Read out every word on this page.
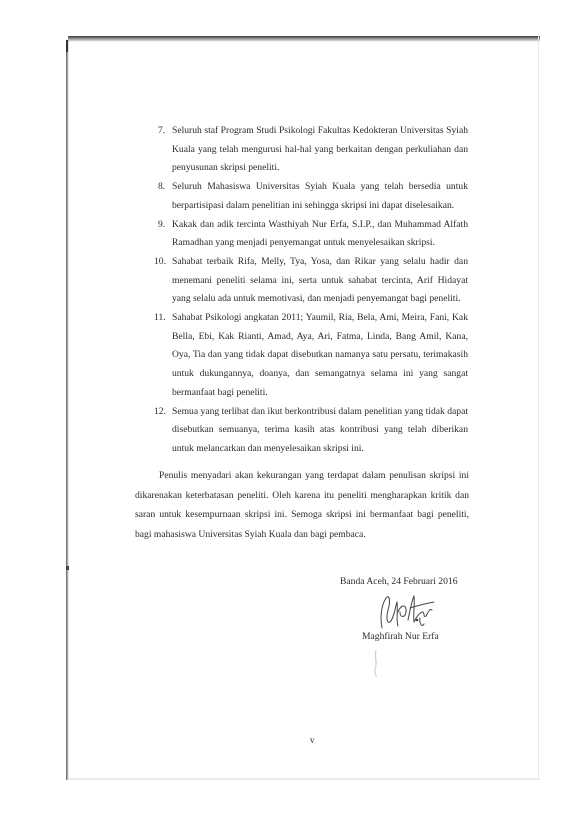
7. Seluruh staf Program Studi Psikologi Fakultas Kedokteran Universitas Syiah Kuala yang telah mengurusi hal-hal yang berkaitan dengan perkuliahan dan penyusunan skripsi peneliti.
8. Seluruh Mahasiswa Universitas Syiah Kuala yang telah bersedia untuk berpartisipasi dalam penelitian ini sehingga skripsi ini dapat diselesaikan.
9. Kakak dan adik tercinta Wasthiyah Nur Erfa, S.I.P., dan Muhammad Alfath Ramadhan yang menjadi penyemangat untuk menyelesaikan skripsi.
10. Sahabat terbaik Rifa, Melly, Tya, Yosa, dan Rikar yang selalu hadir dan menemani peneliti selama ini, serta untuk sahabat tercinta, Arif Hidayat yang selalu ada untuk memotivasi, dan menjadi penyemangat bagi peneliti.
11. Sahabat Psikologi angkatan 2011; Yaumil, Ria, Bela, Ami, Meira, Fani, Kak Bella, Ebi, Kak Rianti, Amad, Aya, Ari, Fatma, Linda, Bang Amil, Kana, Oya, Tia dan yang tidak dapat disebutkan namanya satu persatu, terimakasih untuk dukungannya, doanya, dan semangatnya selama ini yang sangat bermanfaat bagi peneliti.
12. Semua yang terlibat dan ikut berkontribusi dalam penelitian yang tidak dapat disebutkan semuanya, terima kasih atas kontribusi yang telah diberikan untuk melancarkan dan menyelesaikan skripsi ini.

Penulis menyadari akan kekurangan yang terdapat dalam penulisan skripsi ini dikarenakan keterbatasan peneliti. Oleh karena itu peneliti mengharapkan kritik dan saran untuk kesempurnaan skripsi ini. Semoga skripsi ini bermanfaat bagi peneliti, bagi mahasiswa Universitas Syiah Kuala dan bagi pembaca.

Banda Aceh, 24 Februari 2016
Maghfirah Nur Erfa
v
